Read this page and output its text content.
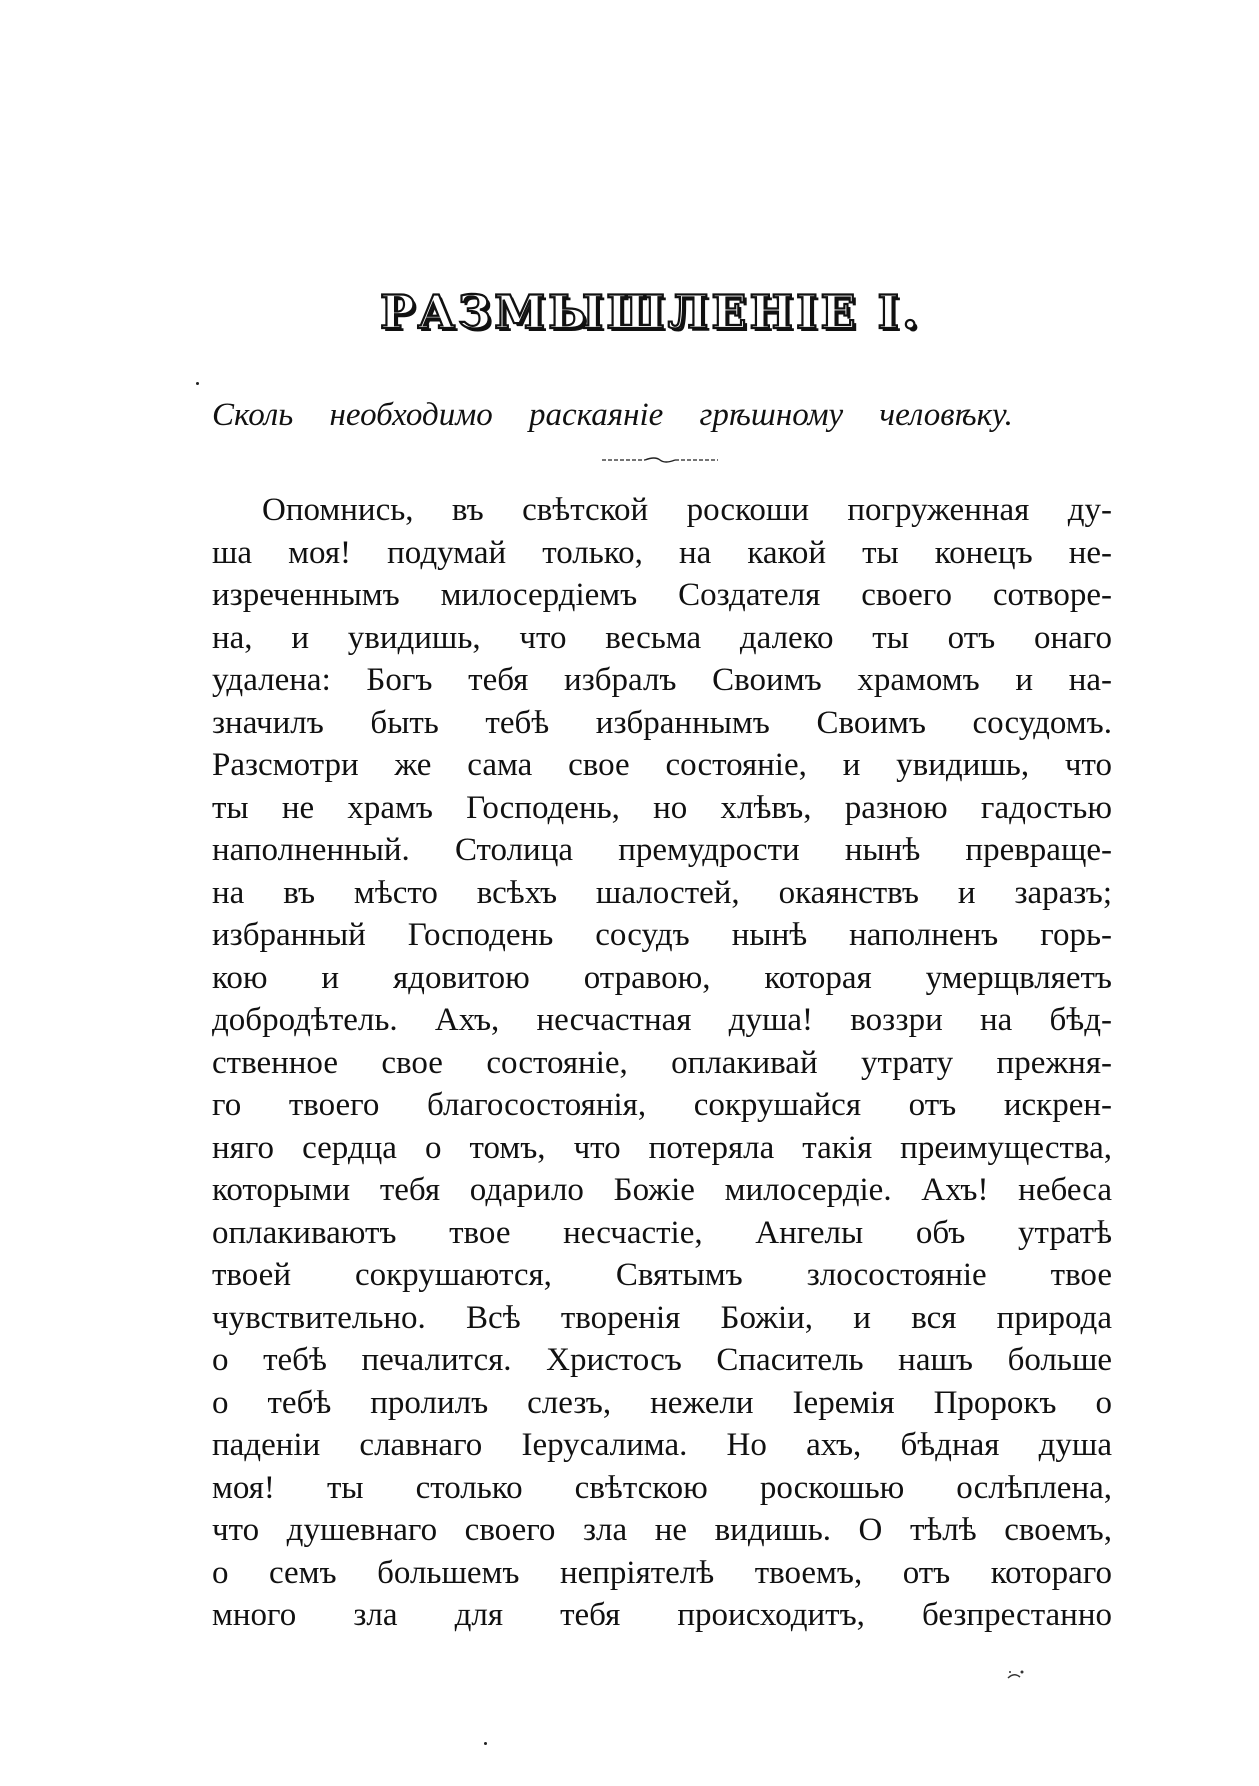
РАЗМЫШЛЕНІЕ I.
Сколь необходимо раскаяніе грѣшному человѣку.
Опомнись, въ свѣтской роскоши погруженная ду-
ша моя! подумай только, на какой ты конецъ не-
изреченнымъ милосердіемъ Создателя своего сотворе-
на, и увидишь, что весьма далеко ты отъ онаго
удалена: Богъ тебя избралъ Своимъ храмомъ и на-
значилъ быть тебѣ избраннымъ Своимъ сосудомъ.
Разсмотри же сама свое состояніе, и увидишь, что
ты не храмъ Господень, но хлѣвъ, разною гадостью
наполненный. Столица премудрости нынѣ превраще-
на въ мѣсто всѣхъ шалостей, окаянствъ и заразъ;
избранный Господень сосудъ нынѣ наполненъ горь-
кою и ядовитою отравою, которая умерщвляетъ
добродѣтель. Ахъ, несчастная душа! воззри на бѣд-
ственное свое состояніе, оплакивай утрату прежня-
го твоего благосостоянія, сокрушайся отъ искрен-
няго сердца о томъ, что потеряла такія преимущества,
которыми тебя одарило Божіе милосердіе. Ахъ! небеса
оплакиваютъ твое несчастіе, Ангелы объ утратѣ
твоей сокрушаются, Святымъ злосостояніе твое
чувствительно. Всѣ творенія Божіи, и вся природа
о тебѣ печалится. Христосъ Спаситель нашъ больше
о тебѣ пролилъ слезъ, нежели Іеремія Пророкъ о
паденіи славнаго Іерусалима. Но ахъ, бѣдная душа
моя! ты столько свѣтскою роскошью ослѣплена,
что душевнаго своего зла не видишь. О тѣлѣ своемъ,
о семъ большемъ непріятелѣ твоемъ, отъ котораго
много зла для тебя происходитъ, безпрестанно
